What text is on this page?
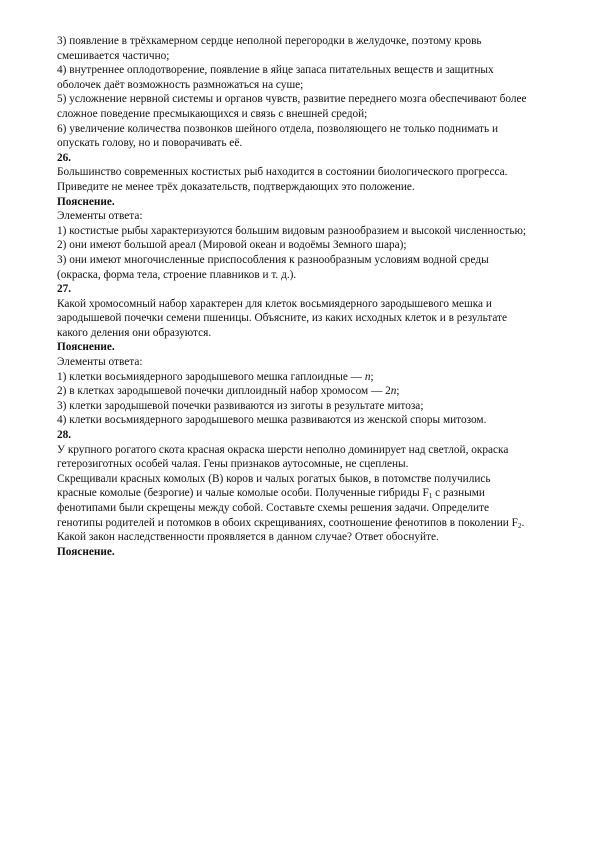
3) появление в трёхкамерном сердце неполной перегородки в желудочке, поэтому кровь
смешивается частично;
4) внутреннее оплодотворение, появление в яйце запаса питательных веществ и защитных
оболочек даёт возможность размножаться на суше;
5) усложнение нервной системы и органов чувств, развитие переднего мозга обеспечивают более
сложное поведение пресмыкающихся и связь с внешней средой;
6) увеличение количества позвонков шейного отдела, позволяющего не только поднимать и
опускать голову, но и поворачивать её.
26.
Большинство современных костистых рыб находится в состоянии биологического прогресса.
Приведите не менее трёх доказательств, подтверждающих это положение.
Пояснение.
Элементы ответа:
1) костистые рыбы характеризуются большим видовым разнообразием и высокой численностью;
2) они имеют большой ареал (Мировой океан и водоёмы Земного шара);
3) они имеют многочисленные приспособления к разнообразным условиям водной среды
(окраска, форма тела, строение плавников и т. д.).
27.
Какой хромосомный набор характерен для клеток восьмиядерного зародышевого мешка и
зародышевой почечки семени пшеницы. Объясните, из каких исходных клеток и в результате
какого деления они образуются.
Пояснение.
Элементы ответа:
1) клетки восьмиядерного зародышевого мешка гаплоидные — n;
2) в клетках зародышевой почечки диплоидный набор хромосом — 2n;
3) клетки зародышевой почечки развиваются из зиготы в результате митоза;
4) клетки восьмиядерного зародышевого мешка развиваются из женской споры митозом.
28.
У крупного рогатого скота красная окраска шерсти неполно доминирует над светлой, окраска
гетерозиготных особей чалая. Гены признаков аутосомные, не сцеплены.
Скрещивали красных комолых (В) коров и чалых рогатых быков, в потомстве получились
красные комолые (безрогие) и чалые комолые особи. Полученные гибриды $F_1$ с разными
фенотипами были скрещены между собой. Составьте схемы решения задачи. Определите
генотипы родителей и потомков в обоих скрещиваниях, соотношение фенотипов в поколении $F_2$.
Какой закон наследственности проявляется в данном случае? Ответ обоснуйте.
Пояснение.
